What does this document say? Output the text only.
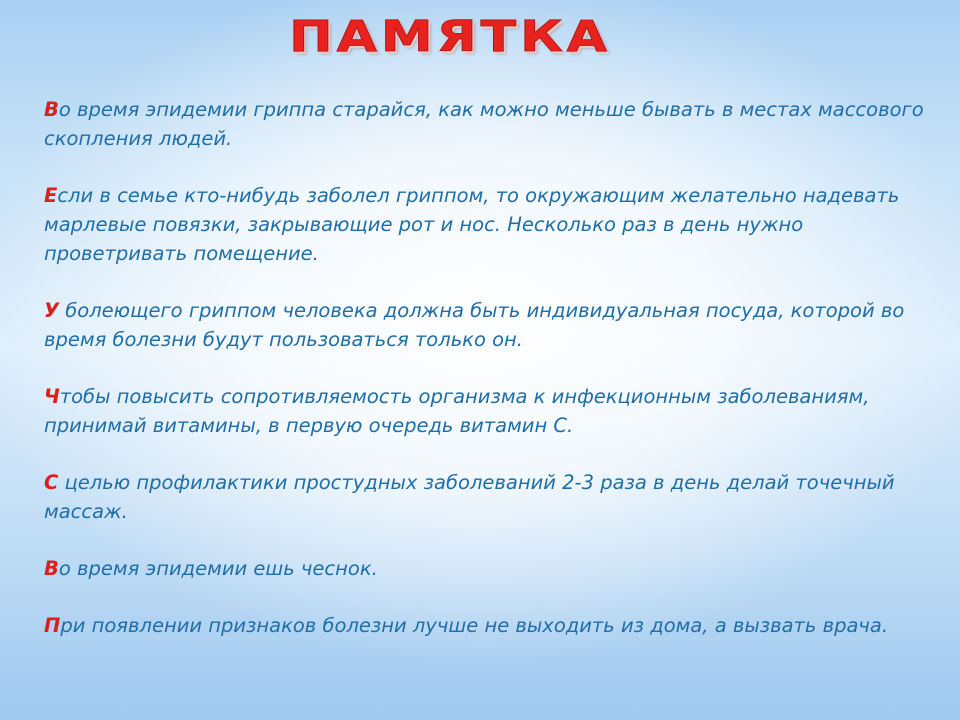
ПАМЯТКА
Во время эпидемии гриппа старайся, как можно меньше бывать в местах массового скопления людей.
Если в семье кто-нибудь заболел гриппом, то окружающим желательно надевать марлевые повязки, закрывающие рот и нос. Несколько раз в день нужно проветривать помещение.
У болеющего гриппом человека должна быть индивидуальная посуда, которой во время болезни будут пользоваться только он.
Чтобы повысить сопротивляемость организма к инфекционным заболеваниям, принимай витамины, в первую очередь витамин С.
С целью профилактики простудных заболеваний 2-3 раза в день делай точечный массаж.
Во время эпидемии ешь чеснок.
При появлении признаков болезни лучше не выходить из дома, а вызвать врача.
